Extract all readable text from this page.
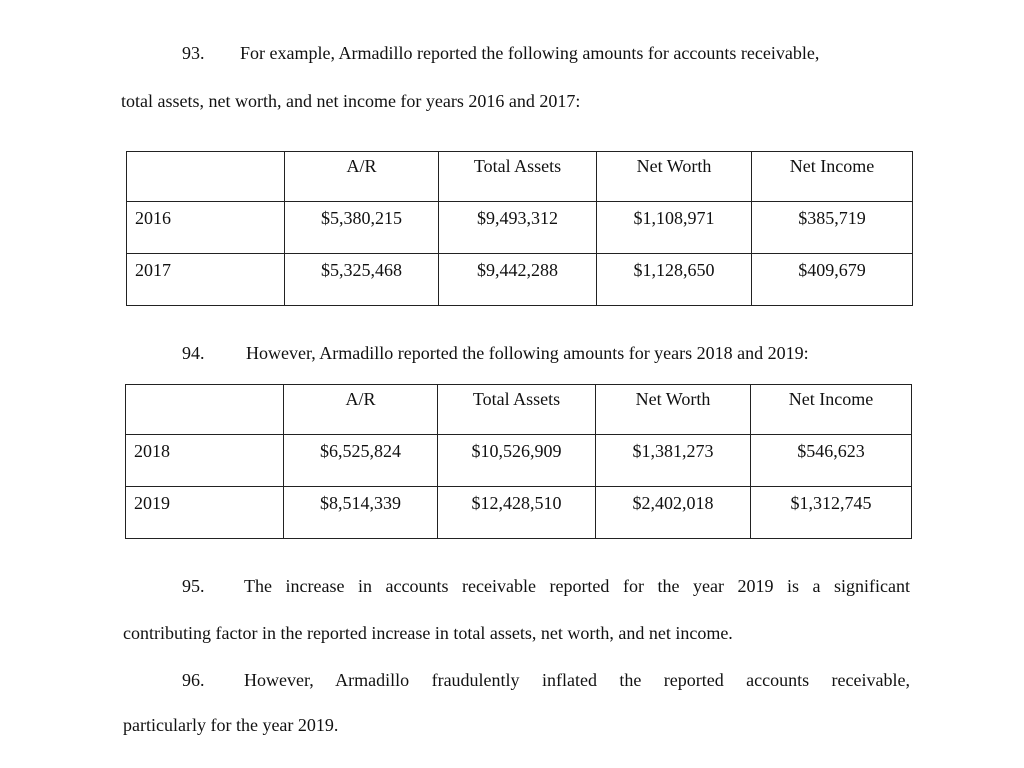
93. For example, Armadillo reported the following amounts for accounts receivable,
total assets, net worth, and net income for years 2016 and 2017:
	A/R	Total Assets	Net Worth	Net Income
2016	$5,380,215	$9,493,312	$1,108,971	$385,719
2017	$5,325,468	$9,442,288	$1,128,650	$409,679
94. However, Armadillo reported the following amounts for years 2018 and 2019:
	A/R	Total Assets	Net Worth	Net Income
2018	$6,525,824	$10,526,909	$1,381,273	$546,623
2019	$8,514,339	$12,428,510	$2,402,018	$1,312,745
95. The increase in accounts receivable reported for the year 2019 is a significant
contributing factor in the reported increase in total assets, net worth, and net income.
96. However, Armadillo fraudulently inflated the reported accounts receivable,
particularly for the year 2019.
